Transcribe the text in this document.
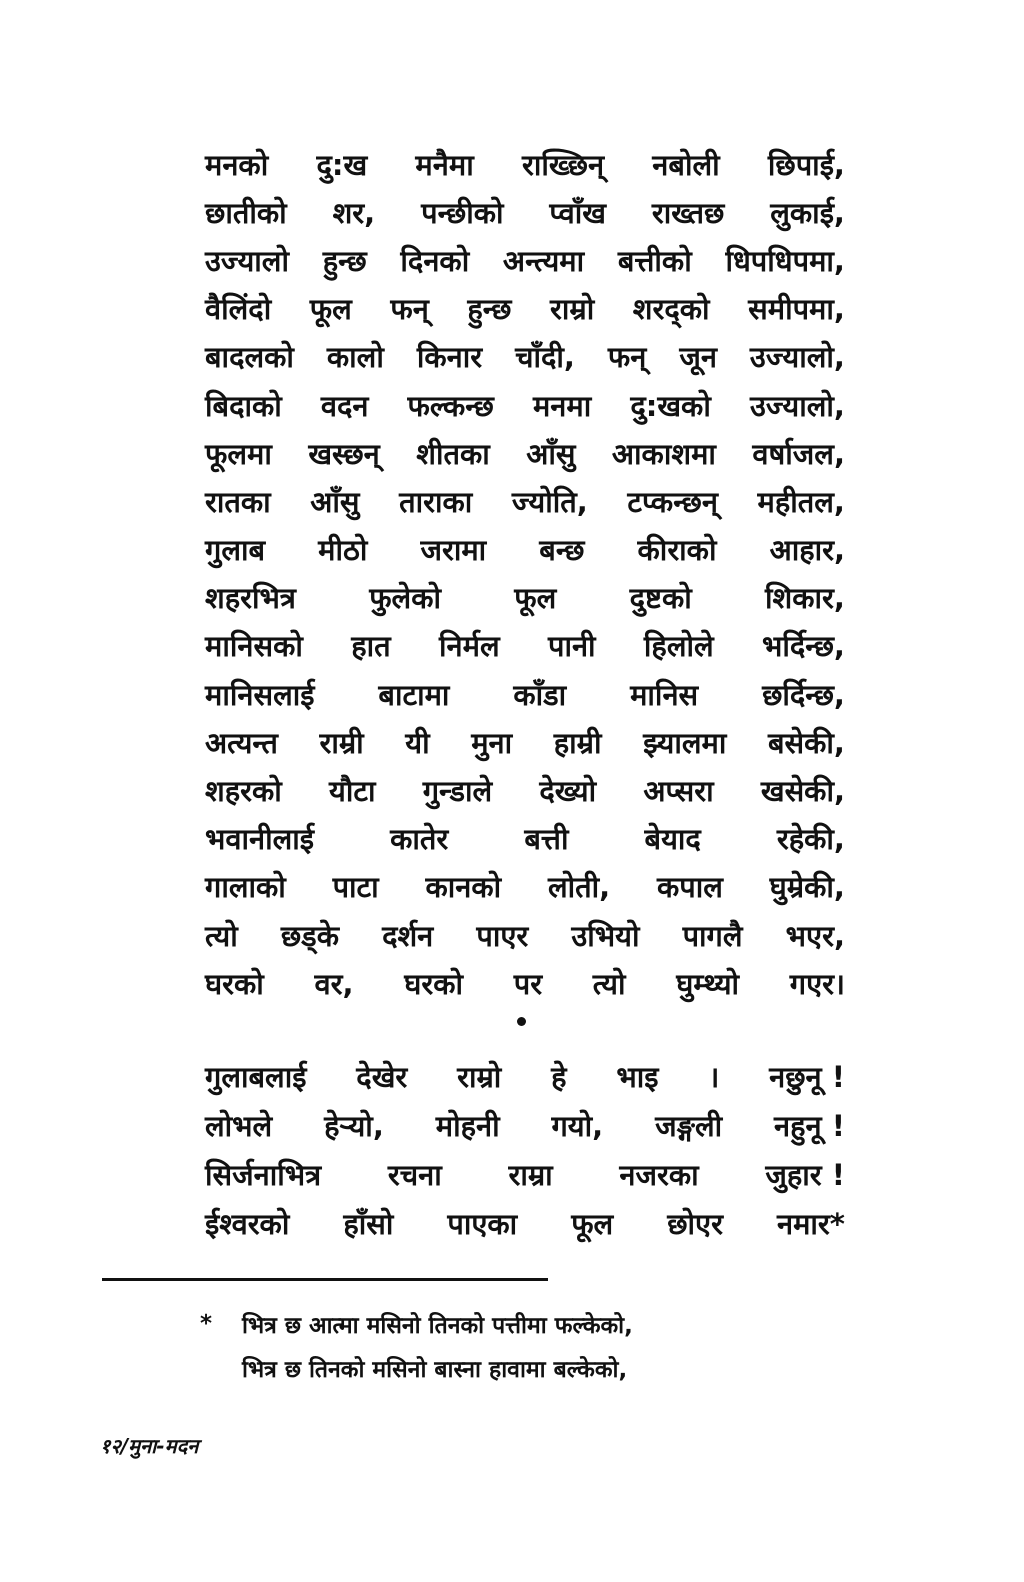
मनको दु:ख मनैमा राख्छिन् नबोली छिपाई,
छातीको शर, पन्छीको प्वाँख राख्तछ लुकाई,
उज्यालो हुन्छ दिनको अन्त्यमा बत्तीको धिपधिपमा,
वैलिंदो फूल फन् हुन्छ राम्रो शरद्‌को समीपमा,
बादलको कालो किनार चाँदी, फन् जून उज्यालो,
बिदाको वदन फल्कन्छ मनमा दु:खको उज्यालो,
फूलमा खस्छन् शीतका आँसु आकाशमा वर्षाजल,
रातका आँसु ताराका ज्योति, टप्कन्छन् महीतल,
गुलाब मीठो जरामा बन्छ कीराको आहार,
शहरभित्र	फुलेको	फूल	दुष्टको	शिकार,
मानिसको हात निर्मल पानी हिलोले भर्दिन्छ,
मानिसलाई बाटामा काँडा मानिस छर्दिन्छ,
अत्यन्त राम्री यी मुना हाम्री झ्यालमा बसेकी,
शहरको यौटा गुन्डाले देख्यो अप्सरा खसेकी,
भवानीलाई	कातेर	बत्ती	बेयाद	रहेकी,
गालाको पाटा कानको लोती, कपाल घुम्रेकी,
त्यो छड्के दर्शन पाएर उभियो पागलै भएर,
घरको वर, घरको पर त्यो घुम्थ्यो गएर।
गुलाबलाई देखेर राम्रो हे भाइ । नछुनू !
लोभले हेर्‍यो, मोहनी गयो, जङ्गली नहुनू !
सिर्जनाभित्र रचना राम्रा नजरका जुहार !
ईश्वरको हाँसो पाएका फूल छोएर नमार*
*	भित्र छ आत्मा मसिनो तिनको पत्तीमा फल्केको,
भित्र छ तिनको मसिनो बास्ना हावामा बल्केको,
१२/मुना-मदन
